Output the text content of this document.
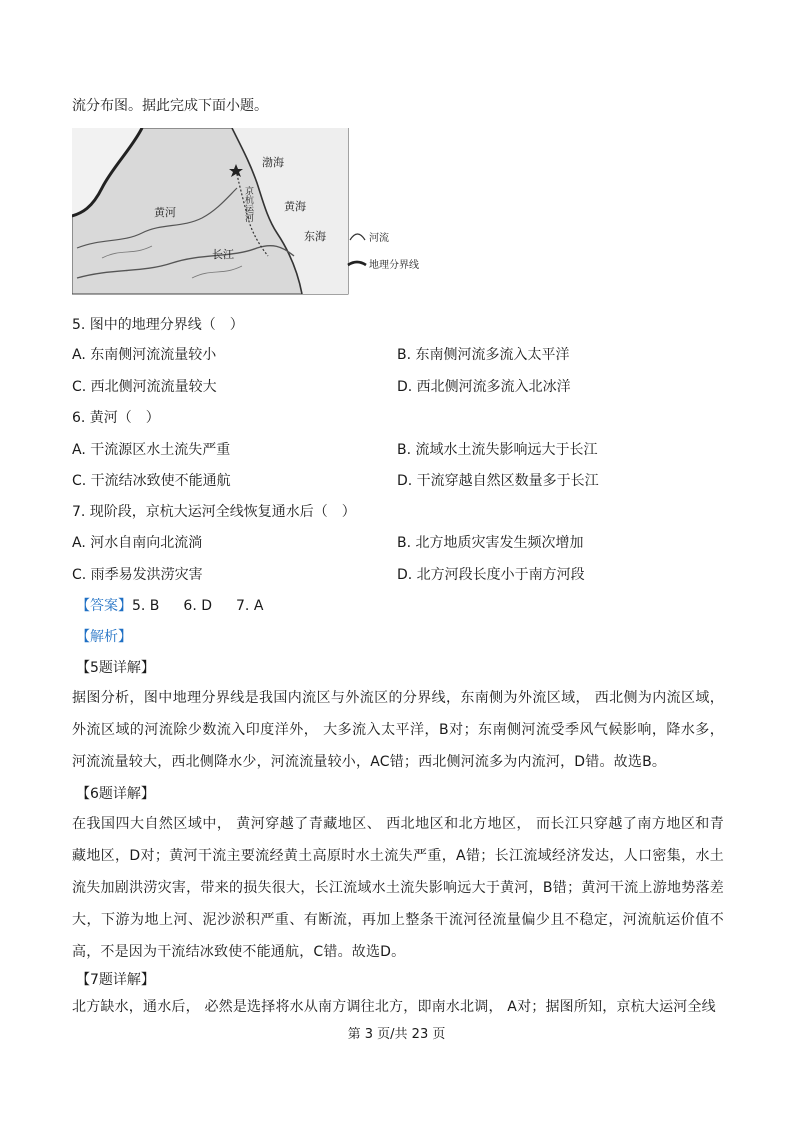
流分布图。据此完成下面小题。
渤海
黄海
黄河
长江
东海
京杭运河
河流
地理分界线
5. 图中的地理分界线（　）
A. 东南侧河流流量较小	B. 东南侧河流多流入太平洋
C. 西北侧河流流量较大	D. 西北侧河流多流入北冰洋
6. 黄河（　）
A. 干流源区水土流失严重	B. 流域水土流失影响远大于长江
C. 干流结冰致使不能通航	D. 干流穿越自然区数量多于长江
7. 现阶段，京杭大运河全线恢复通水后（　）
A. 河水自南向北流淌	B. 北方地质灾害发生频次增加
C. 雨季易发洪涝灾害	D. 北方河段长度小于南方河段
【答案】5. B 6. D 7. A
【解析】
【5题详解】
据图分析，图中地理分界线是我国内流区与外流区的分界线，东南侧为外流区域， 西北侧为内流区域，外流区域的河流除少数流入印度洋外， 大多流入太平洋，B对；东南侧河流受季风气候影响，降水多，河流流量较大，西北侧降水少，河流流量较小，AC错；西北侧河流多为内流河，D错。故选B。
【6题详解】
在我国四大自然区域中， 黄河穿越了青藏地区、 西北地区和北方地区， 而长江只穿越了南方地区和青藏地区，D对；黄河干流主要流经黄土高原时水土流失严重，A错；长江流域经济发达，人口密集，水土流失加剧洪涝灾害，带来的损失很大，长江流域水土流失影响远大于黄河，B错；黄河干流上游地势落差大，下游为地上河、泥沙淤积严重、有断流，再加上整条干流河径流量偏少且不稳定，河流航运价值不高，不是因为干流结冰致使不能通航，C错。故选D。
【7题详解】
北方缺水，通水后， 必然是选择将水从南方调往北方，即南水北调， A对；据图所知，京杭大运河全线
第 3 页/共 23 页
